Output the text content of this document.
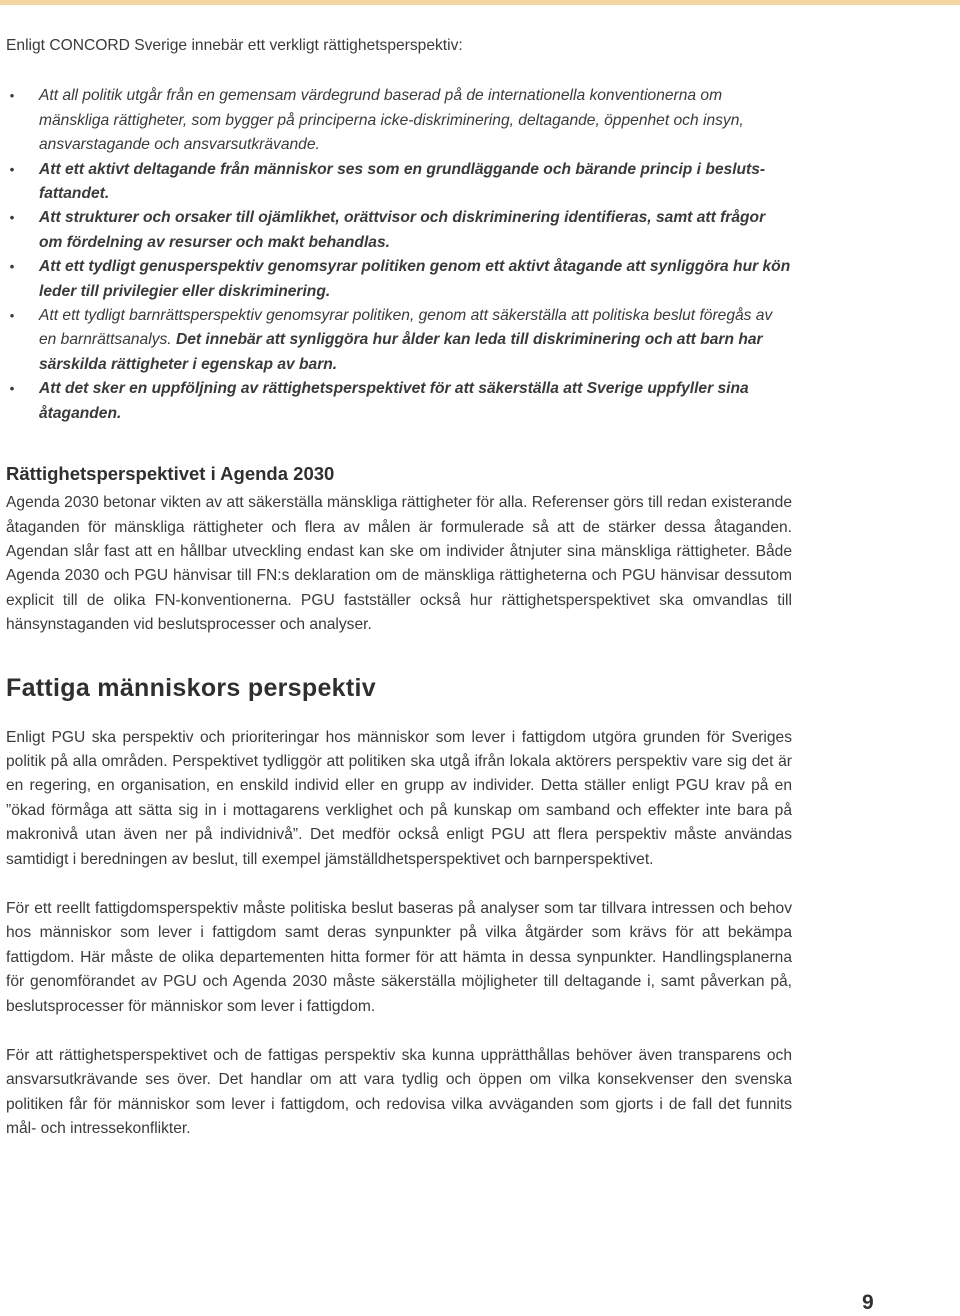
Enligt CONCORD Sverige innebär ett verkligt rättighetsperspektiv:

• Att all politik utgår från en gemensam värdegrund baserad på de internationella konventionerna om mänskliga rättigheter, som bygger på principerna icke-diskriminering, deltagande, öppenhet och insyn, ansvarstagande och ansvarsutkrävande.
• Att ett aktivt deltagande från människor ses som en grundläggande och bärande princip i beslutsfattandet.
• Att strukturer och orsaker till ojämlikhet, orättvisor och diskriminering identifieras, samt att frågor om fördelning av resurser och makt behandlas.
• Att ett tydligt genusperspektiv genomsyrar politiken genom ett aktivt åtagande att synliggöra hur kön leder till privilegier eller diskriminering.
• Att ett tydligt barnrättsperspektiv genomsyrar politiken, genom att säkerställa att politiska beslut föregås av en barnrättsanalys. Det innebär att synliggöra hur ålder kan leda till diskriminering och att barn har särskilda rättigheter i egenskap av barn.
• Att det sker en uppföljning av rättighetsperspektivet för att säkerställa att Sverige uppfyller sina åtaganden.
Rättighetsperspektivet i Agenda 2030

Agenda 2030 betonar vikten av att säkerställa mänskliga rättigheter för alla. Referenser görs till redan existerande åtaganden för mänskliga rättigheter och flera av målen är formulerade så att de stärker dessa åtaganden. Agendan slår fast att en hållbar utveckling endast kan ske om individer åtnjuter sina mänskliga rättigheter. Både Agenda 2030 och PGU hänvisar till FN:s deklaration om de mänskliga rättigheterna och PGU hänvisar dessutom explicit till de olika FN-konventionerna. PGU fastställer också hur rättighetsperspektivet ska omvandlas till hänsynstaganden vid beslutsprocesser och analyser.

Fattiga människors perspektiv

Enligt PGU ska perspektiv och prioriteringar hos människor som lever i fattigdom utgöra grunden för Sveriges politik på alla områden. Perspektivet tydliggör att politiken ska utgå ifrån lokala aktörers perspektiv vare sig det är en regering, en organisation, en enskild individ eller en grupp av individer. Detta ställer enligt PGU krav på en ”ökad förmåga att sätta sig in i mottagarens verklighet och på kunskap om samband och effekter inte bara på makronivå utan även ner på individnivå”. Det medför också enligt PGU att flera perspektiv måste användas samtidigt i beredningen av beslut, till exempel jämställdhetsperspektivet och barnperspektivet.

För ett reellt fattigdomsperspektiv måste politiska beslut baseras på analyser som tar tillvara intressen och behov hos människor som lever i fattigdom samt deras synpunkter på vilka åtgärder som krävs för att bekämpa fattigdom. Här måste de olika departementen hitta former för att hämta in dessa synpunkter. Handlingsplanerna för genomförandet av PGU och Agenda 2030 måste säkerställa möjligheter till deltagande i, samt påverkan på, beslutsprocesser för människor som lever i fattigdom.

För att rättighetsperspektivet och de fattigas perspektiv ska kunna upprätthållas behöver även transparens och ansvarsutkrävande ses över. Det handlar om att vara tydlig och öppen om vilka konsekvenser den svenska politiken får för människor som lever i fattigdom, och redovisa vilka avväganden som gjorts i de fall det funnits mål- och intressekonflikter.

9
